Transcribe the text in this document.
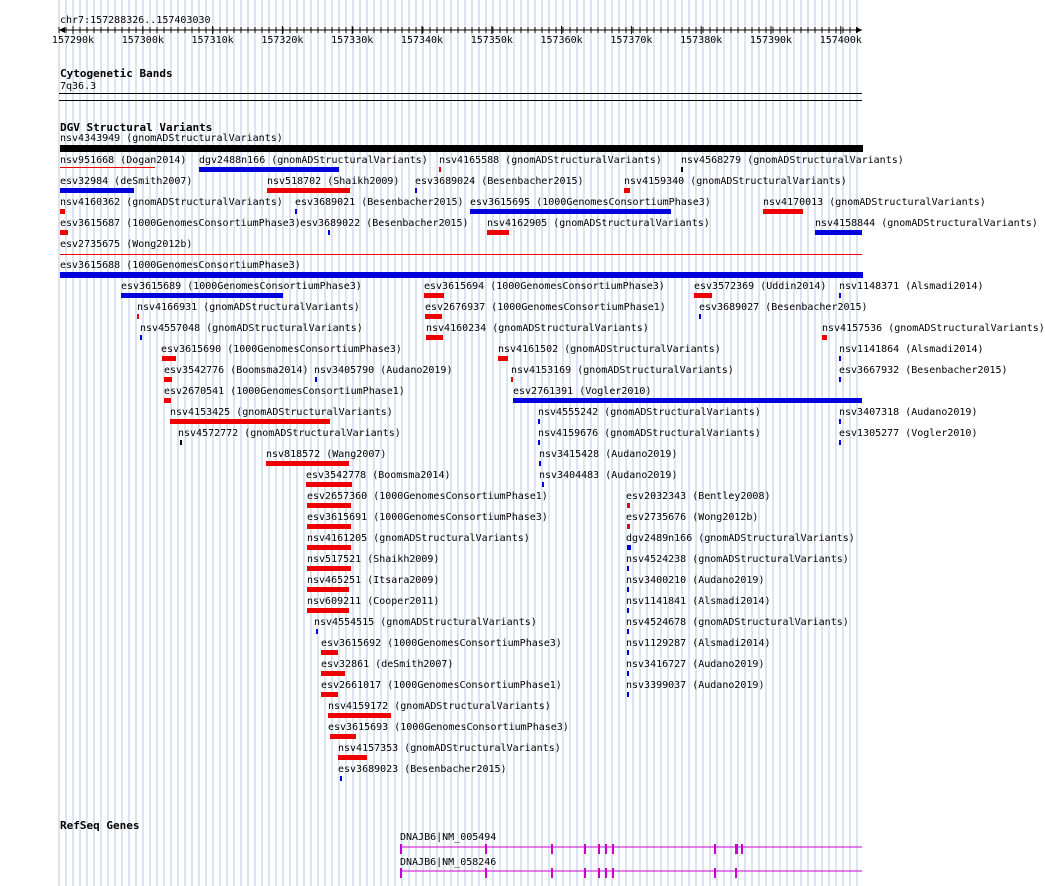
chr7:157288326..157403030
157290k	157300k	157310k	157320k	157330k	157340k	157350k	157360k	157370k	157380k	157390k	157400k
Cytogenetic Bands
7q36.3
DGV Structural Variants
nsv4343949 (gnomADStructuralVariants)
nsv951668 (Dogan2014) dgv2488n166 (gnomADStructuralVariants) nsv4165588 (gnomADStructuralVariants) nsv4568279 (gnomADStructuralVariants)
esv32984 (deSmith2007)	nsv518702 (Shaikh2009) esv3689024 (Besenbacher2015)	nsv4159340 (gnomADStructuralVariants)
nsv4160362 (gnomADStructuralVariants) esv3689021 (Besenbacher2015) esv3615695 (1000GenomesConsortiumPhase3)	nsv4170013 (gnomADStructuralVariants)
esv3615687 (1000GenomesConsortiumPhase3) esv3689022 (Besenbacher2015) nsv4162905 (gnomADStructuralVariants)	nsv4158844 (gnomADStructuralVariants)
esv2735675 (Wong2012b)
esv3615688 (1000GenomesConsortiumPhase3)
esv3615689 (1000GenomesConsortiumPhase3)	esv3615694 (1000GenomesConsortiumPhase3)	esv3572369 (Uddin2014) nsv1148371 (Alsmadi2014)
nsv4166931 (gnomADStructuralVariants)	esv2676937 (1000GenomesConsortiumPhase1)	esv3689027 (Besenbacher2015)
nsv4557048 (gnomADStructuralVariants)	nsv4160234 (gnomADStructuralVariants)	nsv4157536 (gnomADStructuralVariants)
esv3615690 (1000GenomesConsortiumPhase3)	nsv4161502 (gnomADStructuralVariants)	nsv1141864 (Alsmadi2014)
esv3542776 (Boomsma2014) nsv3405790 (Audano2019)	nsv4153169 (gnomADStructuralVariants)	esv3667932 (Besenbacher2015)
esv2670541 (1000GenomesConsortiumPhase1)	esv2761391 (Vogler2010)
nsv4153425 (gnomADStructuralVariants)	nsv4555242 (gnomADStructuralVariants)	nsv3407318 (Audano2019)
nsv4572772 (gnomADStructuralVariants)	nsv4159676 (gnomADStructuralVariants)	esv1305277 (Vogler2010)
nsv818572 (Wang2007)	nsv3415428 (Audano2019)
esv3542778 (Boomsma2014)	nsv3404483 (Audano2019)
esv2657360 (1000GenomesConsortiumPhase1)	esv2032343 (Bentley2008)
esv3615691 (1000GenomesConsortiumPhase3)	esv2735676 (Wong2012b)
nsv4161205 (gnomADStructuralVariants)	dgv2489n166 (gnomADStructuralVariants)
nsv517521 (Shaikh2009)	nsv4524238 (gnomADStructuralVariants)
nsv465251 (Itsara2009)	nsv3400210 (Audano2019)
nsv609211 (Cooper2011)	nsv1141841 (Alsmadi2014)
nsv4554515 (gnomADStructuralVariants)	nsv4524678 (gnomADStructuralVariants)
esv3615692 (1000GenomesConsortiumPhase3)	nsv1129287 (Alsmadi2014)
esv32861 (deSmith2007)	nsv3416727 (Audano2019)
esv2661017 (1000GenomesConsortiumPhase1)	nsv3399037 (Audano2019)
nsv4159172 (gnomADStructuralVariants)
esv3615693 (1000GenomesConsortiumPhase3)
nsv4157353 (gnomADStructuralVariants)
esv3689023 (Besenbacher2015)
RefSeq Genes
DNAJB6|NM_005494
DNAJB6|NM_058246
